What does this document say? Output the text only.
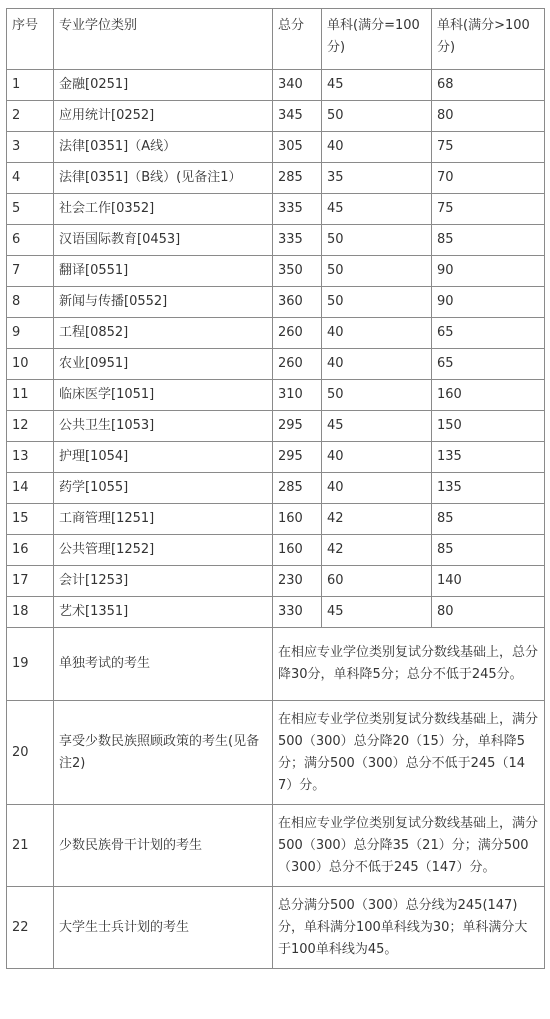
序号	专业学位类别	总分	单科(满分=100分)	单科(满分>100分)
1	金融[0251]	340	45	68
2	应用统计[0252]	345	50	80
3	法律[0351]（A线）	305	40	75
4	法律[0351]（B线）(见备注1）	285	35	70
5	社会工作[0352]	335	45	75
6	汉语国际教育[0453]	335	50	85
7	翻译[0551]	350	50	90
8	新闻与传播[0552]	360	50	90
9	工程[0852]	260	40	65
10	农业[0951]	260	40	65
11	临床医学[1051]	310	50	160
12	公共卫生[1053]	295	45	150
13	护理[1054]	295	40	135
14	药学[1055]	285	40	135
15	工商管理[1251]	160	42	85
16	公共管理[1252]	160	42	85
17	会计[1253]	230	60	140
18	艺术[1351]	330	45	80
19	单独考试的考生	在相应专业学位类别复试分数线基础上，总分降30分，单科降5分；总分不低于245分。		
20	享受少数民族照顾政策的考生(见备注2)	在相应专业学位类别复试分数线基础上，满分500（300）总分降20（15）分，单科降5分；满分500（300）总分不低于245（147）分。		
21	少数民族骨干计划的考生	在相应专业学位类别复试分数线基础上，满分500（300）总分降35（21）分；满分500（300）总分不低于245（147）分。		
22	大学生士兵计划的考生	总分满分500（300）总分线为245(147)分，单科满分100单科线为30；单科满分大于100单科线为45。		
